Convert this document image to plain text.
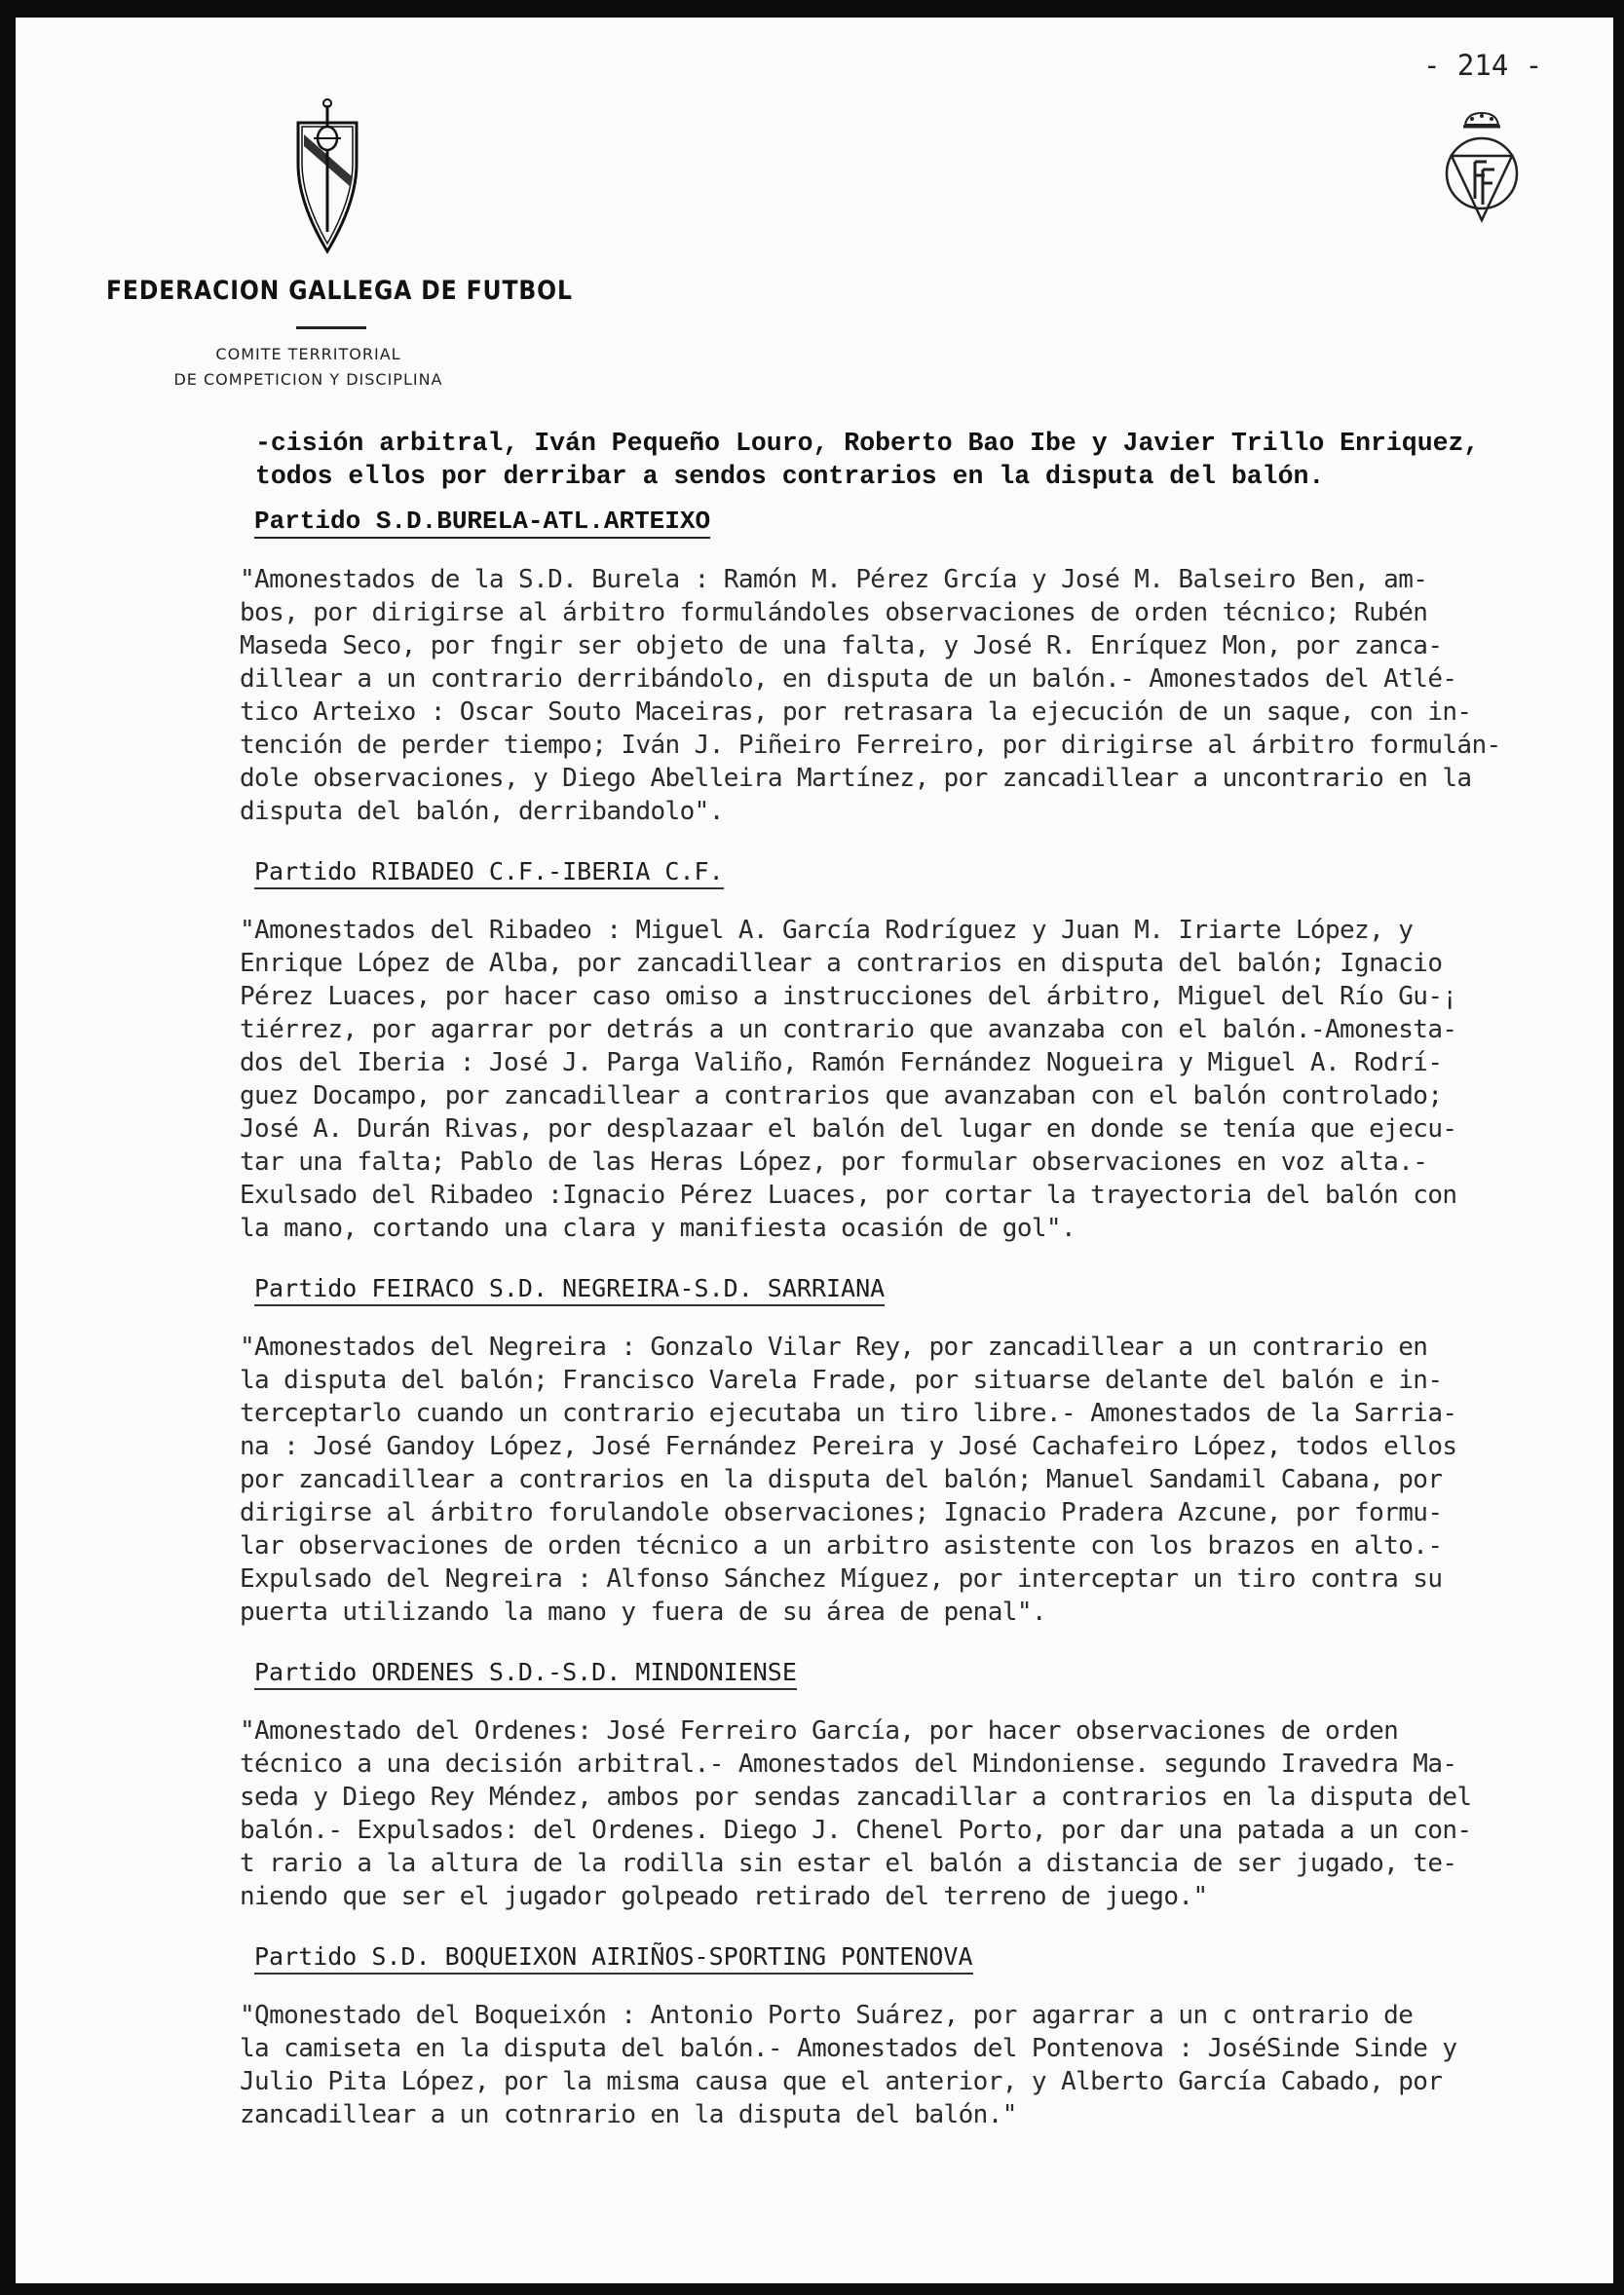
- 214 -
FEDERACION GALLEGA DE FUTBOL
COMITE TERRITORIAL
DE COMPETICION Y DISCIPLINA
-cisión arbitral, Iván Pequeño Louro, Roberto Bao Ibe y Javier Trillo Enriquez,
todos ellos por derribar a sendos contrarios en la disputa del balón.
Partido S.D.BURELA-ATL.ARTEIXO

"Amonestados de la S.D. Burela : Ramón M. Pérez Grcía y José M. Balseiro Ben, am-

bos, por dirigirse al árbitro formulándoles observaciones de orden técnico; Rubén

Maseda Seco, por fngir ser objeto de una falta, y José R. Enríquez Mon, por zanca-

dillear a un contrario derribándolo, en disputa de un balón.- Amonestados del Atlé-

tico Arteixo : Oscar Souto Maceiras, por retrasara la ejecución de un saque, con in-

tención de perder tiempo; Iván J. Piñeiro Ferreiro, por dirigirse al árbitro formulán-

dole observaciones, y Diego Abelleira Martínez, por zancadillear a uncontrario en la

disputa del balón, derribandolo".

Partido RIBADEO C.F.-IBERIA C.F.

"Amonestados del Ribadeo : Miguel A. García Rodríguez y Juan M. Iriarte López, y

Enrique López de Alba, por zancadillear a contrarios en disputa del balón; Ignacio

Pérez Luaces, por hacer caso omiso a instrucciones del árbitro, Miguel del Río Gu-¡

tiérrez, por agarrar por detrás a un contrario que avanzaba con el balón.-Amonesta-

dos del Iberia : José J. Parga Valiño, Ramón Fernández Nogueira y Miguel A. Rodrí-

guez Docampo, por zancadillear a contrarios que avanzaban con el balón controlado;

José A. Durán Rivas, por desplazaar el balón del lugar en donde se tenía que ejecu-

tar una falta; Pablo de las Heras López, por formular observaciones en voz alta.-

Exulsado del Ribadeo :Ignacio Pérez Luaces, por cortar la trayectoria del balón con

la mano, cortando una clara y manifiesta ocasión de gol".

Partido FEIRACO S.D. NEGREIRA-S.D. SARRIANA

"Amonestados del Negreira : Gonzalo Vilar Rey, por zancadillear a un contrario en

la disputa del balón; Francisco Varela Frade, por situarse delante del balón e in-

terceptarlo cuando un contrario ejecutaba un tiro libre.- Amonestados de la Sarria-

na : José Gandoy López, José Fernández Pereira y José Cachafeiro López, todos ellos

por zancadillear a contrarios en la disputa del balón; Manuel Sandamil Cabana, por

dirigirse al árbitro forulandole observaciones; Ignacio Pradera Azcune, por formu-

lar observaciones de orden técnico a un arbitro asistente con los brazos en alto.-

Expulsado del Negreira : Alfonso Sánchez Míguez, por interceptar un tiro contra su

puerta utilizando la mano y fuera de su área de penal".

Partido ORDENES S.D.-S.D. MINDONIENSE

"Amonestado del Ordenes: José Ferreiro García, por hacer observaciones de orden

técnico a una decisión arbitral.- Amonestados del Mindoniense. segundo Iravedra Ma-

seda y Diego Rey Méndez, ambos por sendas zancadillar a contrarios en la disputa del

balón.- Expulsados: del Ordenes. Diego J. Chenel Porto, por dar una patada a un con-

t rario a la altura de la rodilla sin estar el balón a distancia de ser jugado, te-

niendo que ser el jugador golpeado retirado del terreno de juego."

Partido S.D. BOQUEIXON AIRIÑOS-SPORTING PONTENOVA

"Qmonestado del Boqueixón : Antonio Porto Suárez, por agarrar a un c ontrario de

la camiseta en la disputa del balón.- Amonestados del Pontenova : JoséSinde Sinde y

Julio Pita López, por la misma causa que el anterior, y Alberto García Cabado, por

zancadillear a un cotnrario en la disputa del balón."
